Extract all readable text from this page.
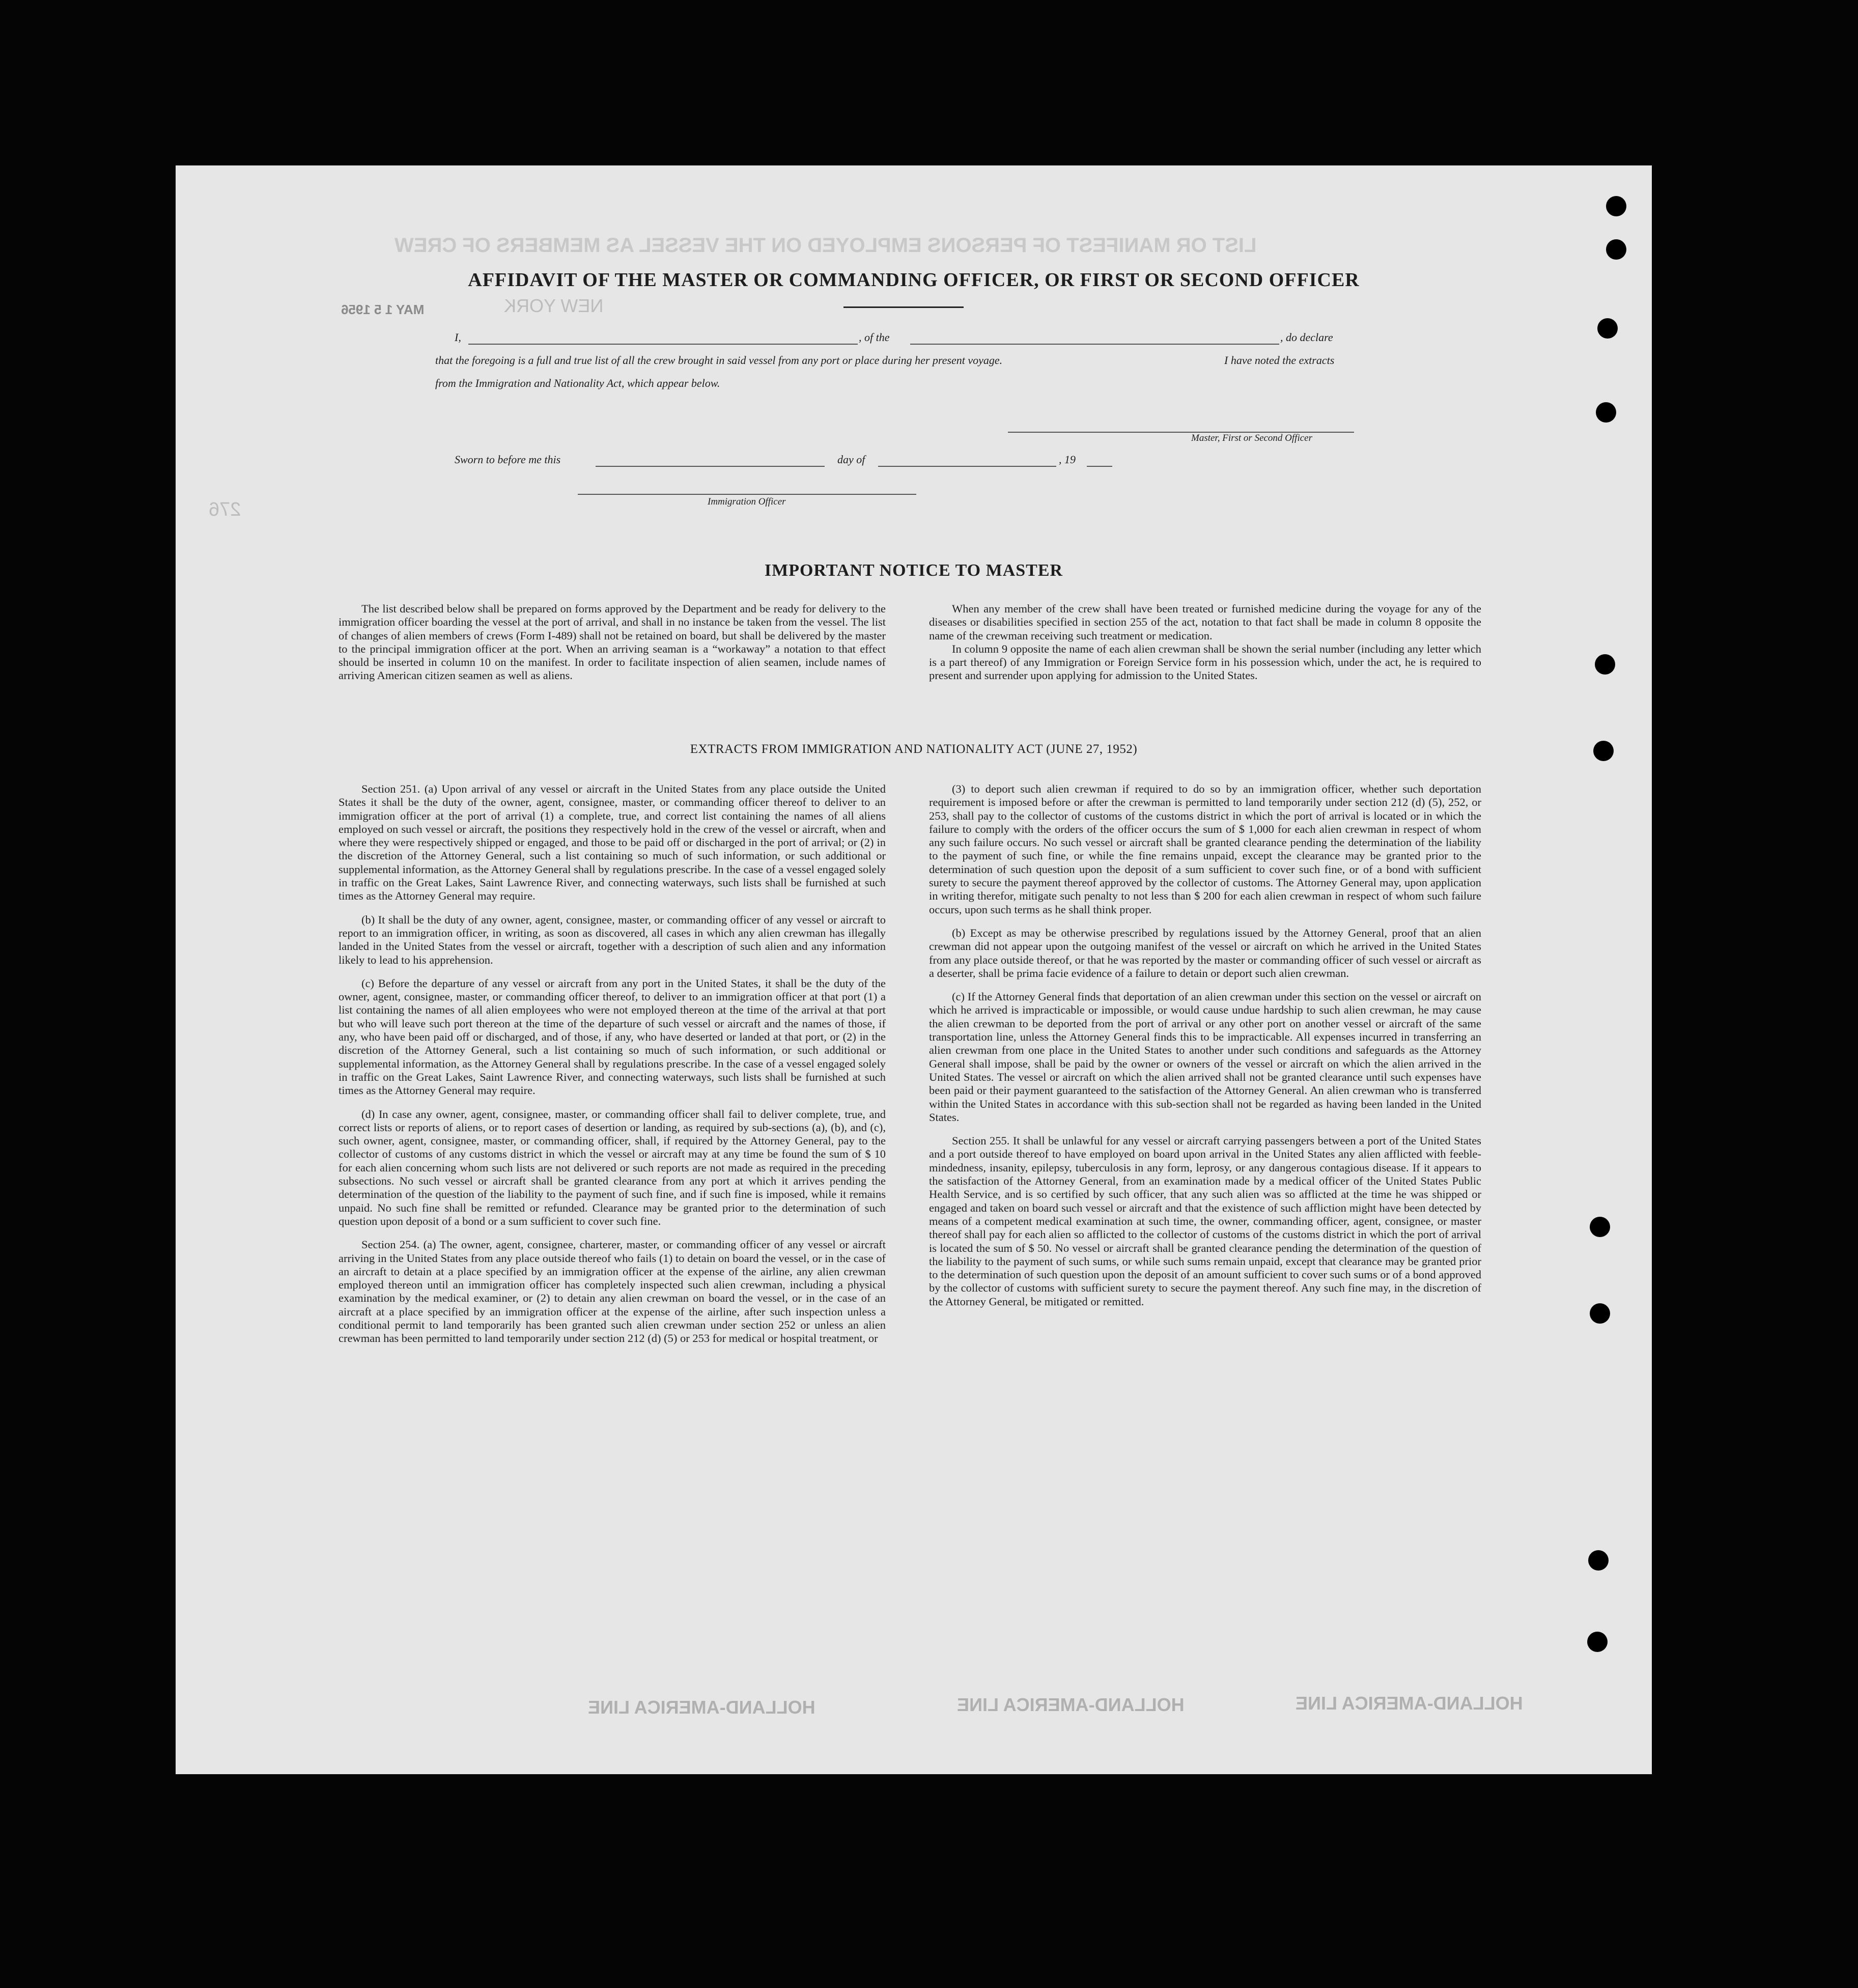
LIST OR MANIFEST OF PERSONS EMPLOYED ON THE VESSEL AS MEMBERS OF CREW
NEW YORK
MAY 1 5 1956
276
HOLLAND-AMERICA LINE	HOLLAND-AMERICA LINE	HOLLAND-AMERICA LINE
AFFIDAVIT OF THE MASTER OR COMMANDING OFFICER, OR FIRST OR SECOND OFFICER
I,	, of the	, do declare
that the foregoing is a full and true list of all the crew brought in said vessel from any port or place during her present voyage.	I have noted the extracts
from the Immigration and Nationality Act, which appear below.
Master, First or Second Officer
Sworn to before me this	day of	, 19
Immigration Officer
IMPORTANT NOTICE TO MASTER

The list described below shall be prepared on forms approved by the Department and be ready for delivery to the immigration officer boarding the vessel at the port of arrival, and shall in no instance be taken from the vessel. The list of changes of alien members of crews (Form I-489) shall not be retained on board, but shall be delivered by the master to the principal immigration officer at the port. When an arriving seaman is a “workaway” a notation to that effect should be inserted in column 10 on the manifest. In order to facilitate inspection of alien seamen, include names of arriving American citizen seamen as well as aliens.

When any member of the crew shall have been treated or furnished medicine during the voyage for any of the diseases or disabilities specified in section 255 of the act, notation to that fact shall be made in column 8 opposite the name of the crewman receiving such treatment or medication.

In column 9 opposite the name of each alien crewman shall be shown the serial number (including any letter which is a part thereof) of any Immigration or Foreign Service form in his possession which, under the act, he is required to present and surrender upon applying for admission to the United States.

EXTRACTS FROM IMMIGRATION AND NATIONALITY ACT (JUNE 27, 1952)

Section 251. (a) Upon arrival of any vessel or aircraft in the United States from any place outside the United States it shall be the duty of the owner, agent, consignee, master, or commanding officer thereof to deliver to an immigration officer at the port of arrival (1) a complete, true, and correct list containing the names of all aliens employed on such vessel or aircraft, the positions they respectively hold in the crew of the vessel or aircraft, when and where they were respectively shipped or engaged, and those to be paid off or discharged in the port of arrival; or (2) in the discretion of the Attorney General, such a list containing so much of such information, or such additional or supplemental information, as the Attorney General shall by regulations prescribe. In the case of a vessel engaged solely in traffic on the Great Lakes, Saint Lawrence River, and connecting waterways, such lists shall be furnished at such times as the Attorney General may require.

(b) It shall be the duty of any owner, agent, consignee, master, or commanding officer of any vessel or aircraft to report to an immigration officer, in writing, as soon as discovered, all cases in which any alien crewman has illegally landed in the United States from the vessel or aircraft, together with a description of such alien and any information likely to lead to his apprehension.

(c) Before the departure of any vessel or aircraft from any port in the United States, it shall be the duty of the owner, agent, consignee, master, or commanding officer thereof, to deliver to an immigration officer at that port (1) a list containing the names of all alien employees who were not employed thereon at the time of the arrival at that port but who will leave such port thereon at the time of the departure of such vessel or aircraft and the names of those, if any, who have been paid off or discharged, and of those, if any, who have deserted or landed at that port, or (2) in the discretion of the Attorney General, such a list containing so much of such information, or such additional or supplemental information, as the Attorney General shall by regulations prescribe. In the case of a vessel engaged solely in traffic on the Great Lakes, Saint Lawrence River, and connecting waterways, such lists shall be furnished at such times as the Attorney General may require.

(d) In case any owner, agent, consignee, master, or commanding officer shall fail to deliver complete, true, and correct lists or reports of aliens, or to report cases of desertion or landing, as required by sub-sections (a), (b), and (c), such owner, agent, consignee, master, or commanding officer, shall, if required by the Attorney General, pay to the collector of customs of any customs district in which the vessel or aircraft may at any time be found the sum of $ 10 for each alien concerning whom such lists are not delivered or such reports are not made as required in the preceding subsections. No such vessel or aircraft shall be granted clearance from any port at which it arrives pending the determination of the question of the liability to the payment of such fine, and if such fine is imposed, while it remains unpaid. No such fine shall be remitted or refunded. Clearance may be granted prior to the determination of such question upon deposit of a bond or a sum sufficient to cover such fine.

Section 254. (a) The owner, agent, consignee, charterer, master, or commanding officer of any vessel or aircraft arriving in the United States from any place outside thereof who fails (1) to detain on board the vessel, or in the case of an aircraft to detain at a place specified by an immigration officer at the expense of the airline, any alien crewman employed thereon until an immigration officer has completely inspected such alien crewman, including a physical examination by the medical examiner, or (2) to detain any alien crewman on board the vessel, or in the case of an aircraft at a place specified by an immigration officer at the expense of the airline, after such inspection unless a conditional permit to land temporarily has been granted such alien crewman under section 252 or unless an alien crewman has been permitted to land temporarily under section 212 (d) (5) or 253 for medical or hospital treatment, or

(3) to deport such alien crewman if required to do so by an immigration officer, whether such deportation requirement is imposed before or after the crewman is permitted to land temporarily under section 212 (d) (5), 252, or 253, shall pay to the collector of customs of the customs district in which the port of arrival is located or in which the failure to comply with the orders of the officer occurs the sum of $ 1,000 for each alien crewman in respect of whom any such failure occurs. No such vessel or aircraft shall be granted clearance pending the determination of the liability to the payment of such fine, or while the fine remains unpaid, except the clearance may be granted prior to the determination of such question upon the deposit of a sum sufficient to cover such fine, or of a bond with sufficient surety to secure the payment thereof approved by the collector of customs. The Attorney General may, upon application in writing therefor, mitigate such penalty to not less than $ 200 for each alien crewman in respect of whom such failure occurs, upon such terms as he shall think proper.

(b) Except as may be otherwise prescribed by regulations issued by the Attorney General, proof that an alien crewman did not appear upon the outgoing manifest of the vessel or aircraft on which he arrived in the United States from any place outside thereof, or that he was reported by the master or commanding officer of such vessel or aircraft as a deserter, shall be prima facie evidence of a failure to detain or deport such alien crewman.

(c) If the Attorney General finds that deportation of an alien crewman under this section on the vessel or aircraft on which he arrived is impracticable or impossible, or would cause undue hardship to such alien crewman, he may cause the alien crewman to be deported from the port of arrival or any other port on another vessel or aircraft of the same transportation line, unless the Attorney General finds this to be impracticable. All expenses incurred in transferring an alien crewman from one place in the United States to another under such conditions and safeguards as the Attorney General shall impose, shall be paid by the owner or owners of the vessel or aircraft on which the alien arrived in the United States. The vessel or aircraft on which the alien arrived shall not be granted clearance until such expenses have been paid or their payment guaranteed to the satisfaction of the Attorney General. An alien crewman who is transferred within the United States in accordance with this sub-section shall not be regarded as having been landed in the United States.

Section 255. It shall be unlawful for any vessel or aircraft carrying passengers between a port of the United States and a port outside thereof to have employed on board upon arrival in the United States any alien afflicted with feeble-mindedness, insanity, epilepsy, tuberculosis in any form, leprosy, or any dangerous contagious disease. If it appears to the satisfaction of the Attorney General, from an examination made by a medical officer of the United States Public Health Service, and is so certified by such officer, that any such alien was so afflicted at the time he was shipped or engaged and taken on board such vessel or aircraft and that the existence of such affliction might have been detected by means of a competent medical examination at such time, the owner, commanding officer, agent, consignee, or master thereof shall pay for each alien so afflicted to the collector of customs of the customs district in which the port of arrival is located the sum of $ 50. No vessel or aircraft shall be granted clearance pending the determination of the question of the liability to the payment of such sums, or while such sums remain unpaid, except that clearance may be granted prior to the determination of such question upon the deposit of an amount sufficient to cover such sums or of a bond approved by the collector of customs with sufficient surety to secure the payment thereof. Any such fine may, in the discretion of the Attorney General, be mitigated or remitted.
